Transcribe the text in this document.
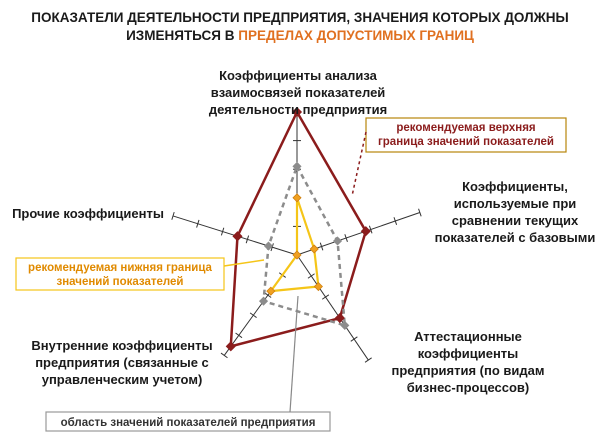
ПОКАЗАТЕЛИ ДЕЯТЕЛЬНОСТИ ПРЕДПРИЯТИЯ, ЗНАЧЕНИЯ КОТОРЫХ ДОЛЖНЫ
ИЗМЕНЯТЬСЯ В ПРЕДЕЛАХ ДОПУСТИМЫХ ГРАНИЦ
Коэффициенты анализа взаимосвязей показателей деятельности предприятия
Коэффициенты, используемые при сравнении текущих показателей с базовыми
Аттестационные коэффициенты предприятия (по видам бизнес-процессов)
Внутренние коэффициенты предприятия (связанные с управленческим учетом)
Прочие коэффициенты
рекомендуемая верхняя
граница значений показателей
рекомендуемая нижняя граница
значений показателей
область значений показателей предприятия
